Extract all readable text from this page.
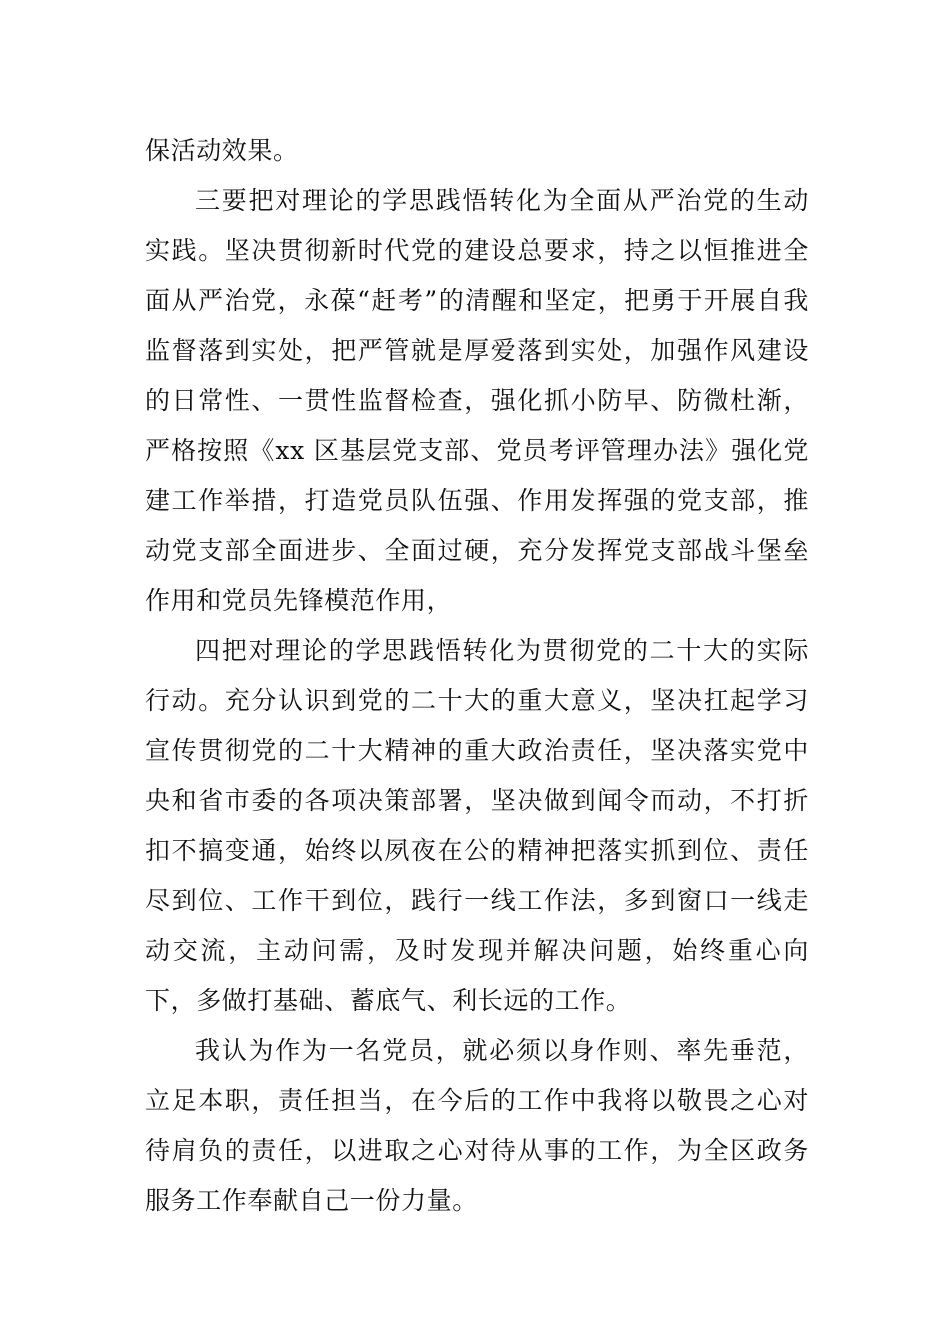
保活动效果。

三要把对理论的学思践悟转化为全面从严治党的生动实践。坚决贯彻新时代党的建设总要求，持之以恒推进全面从严治党，永葆“赶考”的清醒和坚定，把勇于开展自我监督落到实处，把严管就是厚爱落到实处，加强作风建设的日常性、一贯性监督检查，强化抓小防早、防微杜渐，严格按照《xx 区基层党支部、党员考评管理办法》强化党建工作举措，打造党员队伍强、作用发挥强的党支部，推动党支部全面进步、全面过硬，充分发挥党支部战斗堡垒作用和党员先锋模范作用，

四把对理论的学思践悟转化为贯彻党的二十大的实际行动。充分认识到党的二十大的重大意义，坚决扛起学习宣传贯彻党的二十大精神的重大政治责任，坚决落实党中央和省市委的各项决策部署，坚决做到闻令而动，不打折扣不搞变通，始终以夙夜在公的精神把落实抓到位、责任尽到位、工作干到位，践行一线工作法，多到窗口一线走动交流，主动问需，及时发现并解决问题，始终重心向下，多做打基础、蓄底气、利长远的工作。

我认为作为一名党员，就必须以身作则、率先垂范，立足本职，责任担当，在今后的工作中我将以敬畏之心对待肩负的责任，以进取之心对待从事的工作，为全区政务服务工作奉献自己一份力量。
